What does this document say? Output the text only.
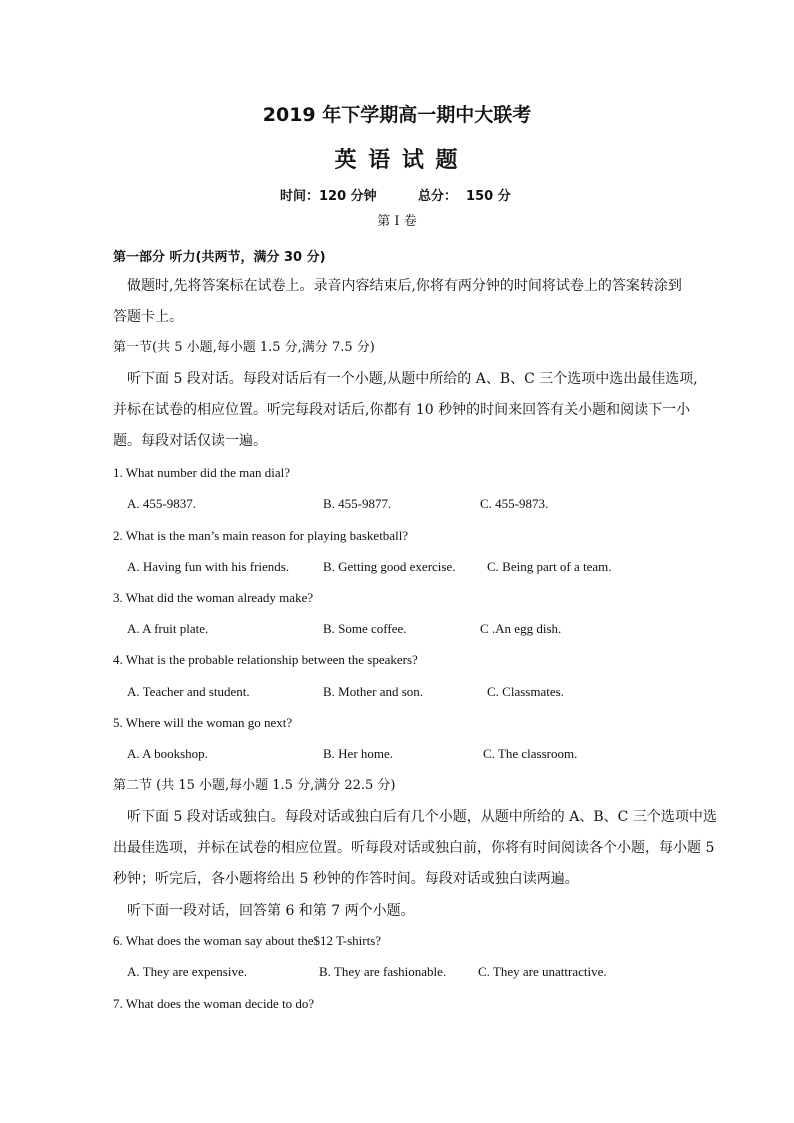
2019 年下学期高一期中大联考
英 语 试 题
时间：120 分钟	总分：  150 分
第 I 卷
第一部分 听力(共两节，满分 30 分)
做题时,先将答案标在试卷上。录音内容结束后,你将有两分钟的时间将试卷上的答案转涂到
答题卡上。
第一节(共 5 小题,每小题 1.5 分,满分 7.5 分)
听下面 5 段对话。每段对话后有一个小题,从题中所给的 A、B、C 三个选项中选出最佳选项,
并标在试卷的相应位置。听完每段对话后,你都有 10 秒钟的时间来回答有关小题和阅读下一小
题。每段对话仅读一遍。
1. What number did the man dial?
A. 455-9837.	B. 455-9877.	C. 455-9873.
2. What is the man’s main reason for playing basketball?
A. Having fun with his friends.	B. Getting good exercise. C. Being part of a team.
3. What did the woman already make?
A. A fruit plate.	B. Some coffee.	C .An egg dish.
4. What is the probable relationship between the speakers?
A. Teacher and student.	B. Mother and son.	C. Classmates.
5. Where will the woman go next?
A. A bookshop.	B. Her home.	C. The classroom.
第二节 (共 15 小题,每小题 1.5 分,满分 22.5 分)
听下面 5 段对话或独白。每段对话或独白后有几个小题，从题中所给的 A、B、C 三个选项中选
出最佳选项，并标在试卷的相应位置。听每段对话或独白前，你将有时间阅读各个小题，每小题 5
秒钟；听完后，各小题将给出 5 秒钟的作答时间。每段对话或独白读两遍。
听下面一段对话，回答第 6 和第 7 两个小题。
6. What does the woman say about the$12 T-shirts?
A. They are expensive.	B. They are fashionable. C. They are unattractive.
7. What does the woman decide to do?
